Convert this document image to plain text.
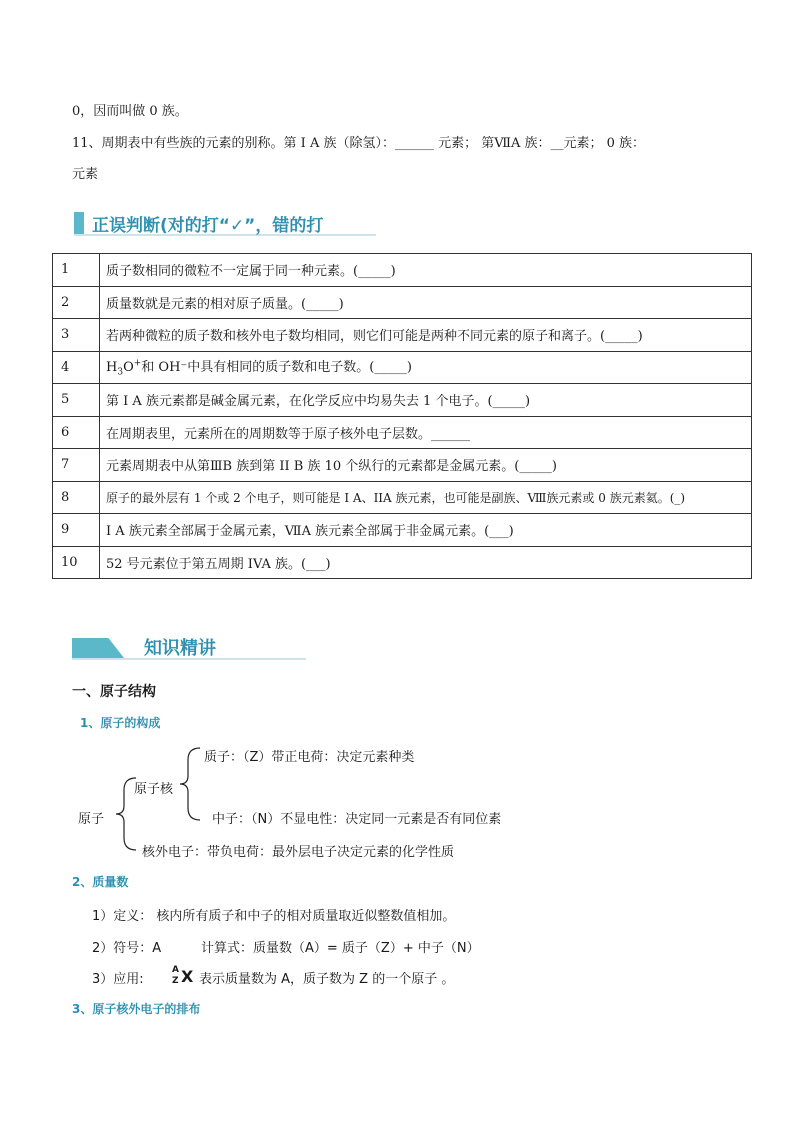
0，因而叫做 0 族。
11、周期表中有些族的元素的别称。第 I A 族（除氢）：______ 元素； 第ⅦA 族：__元素； 0 族：
元素
正误判断(对的打“✓”，错的打
1	质子数相同的微粒不一定属于同一种元素。(_____)
2	质量数就是元素的相对原子质量。(_____)
3	若两种微粒的质子数和核外电子数均相同，则它们可能是两种不同元素的原子和离子。(_____)
4	$H_3O^+$和 OH⁻中具有相同的质子数和电子数。(_____)
5	第 I A 族元素都是碱金属元素，在化学反应中均易失去 1 个电子。(_____)
6	在周期表里，元素所在的周期数等于原子核外电子层数。______
7	元素周期表中从第ⅢB 族到第 II B 族 10 个纵行的元素都是金属元素。(_____)
8	原子的最外层有 1 个或 2 个电子，则可能是 I A、IIA 族元素，也可能是副族、Ⅷ族元素或 0 族元素氦。(_)
9	I A 族元素全部属于金属元素，ⅦA 族元素全部属于非金属元素。(___)
10	52 号元素位于第五周期 IVA 族。(___)
知识精讲
一、原子结构
1、原子的构成
原子
原子核
质子：（Z）带正电荷：决定元素种类
中子：（N）不显电性：决定同一元素是否有同位素
核外电子：带负电荷：最外层电子决定元素的化学性质
2、质量数
1）定义： 核内所有质子和中子的相对质量取近似整数值相加。
2）符号：A	计算式：质量数（A）= 质子（Z）+ 中子（N）
3）应用:
A
Z X 表示质量数为 A，质子数为 Z 的一个原子 。
3、原子核外电子的排布
